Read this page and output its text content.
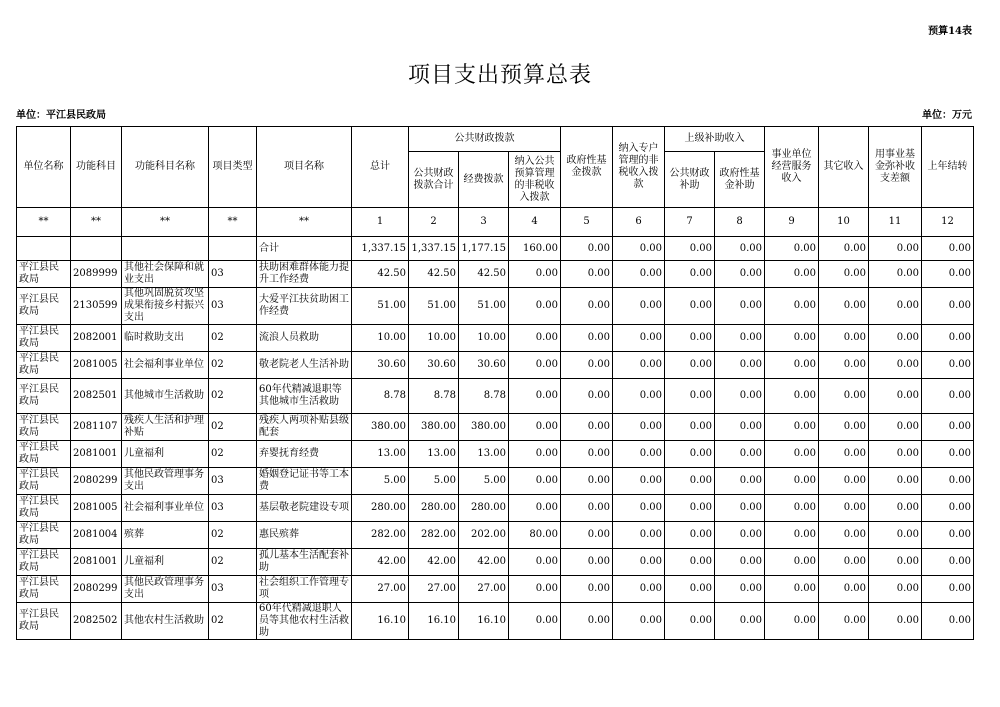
预算14表
项目支出预算总表
单位：平江县民政局	单位：万元
单位名称	功能科目	功能科目名称	项目类型	项目名称	总计	公共财政拨款			政府性基金拨款	纳入专户管理的非税收入拨款	上级补助收入		事业单位经营服务收入	其它收入	用事业基金弥补收支差额	上年结转
						公共财政拨款合计	经费拨款	纳入公共预算管理的非税收入拨款			公共财政补助	政府性基金补助				
**	**	**	**	**	1	2	3	4	5	6	7	8	9	10	11	12
				合计	1,337.15	1,337.15	1,177.15	160.00	0.00	0.00	0.00	0.00	0.00	0.00	0.00	0.00
平江县民政局	2089999	其他社会保障和就业支出	03	扶助困难群体能力提升工作经费	42.50	42.50	42.50	0.00	0.00	0.00	0.00	0.00	0.00	0.00	0.00	0.00
平江县民政局	2130599	其他巩固脱贫攻坚成果衔接乡村振兴支出	03	大爱平江扶贫助困工作经费	51.00	51.00	51.00	0.00	0.00	0.00	0.00	0.00	0.00	0.00	0.00	0.00
平江县民政局	2082001	临时救助支出	02	流浪人员救助	10.00	10.00	10.00	0.00	0.00	0.00	0.00	0.00	0.00	0.00	0.00	0.00
平江县民政局	2081005	社会福利事业单位	02	敬老院老人生活补助	30.60	30.60	30.60	0.00	0.00	0.00	0.00	0.00	0.00	0.00	0.00	0.00
平江县民政局	2082501	其他城市生活救助	02	60年代精减退职等其他城市生活救助	8.78	8.78	8.78	0.00	0.00	0.00	0.00	0.00	0.00	0.00	0.00	0.00
平江县民政局	2081107	残疾人生活和护理补贴	02	残疾人两项补贴县级配套	380.00	380.00	380.00	0.00	0.00	0.00	0.00	0.00	0.00	0.00	0.00	0.00
平江县民政局	2081001	儿童福利	02	弃婴抚育经费	13.00	13.00	13.00	0.00	0.00	0.00	0.00	0.00	0.00	0.00	0.00	0.00
平江县民政局	2080299	其他民政管理事务支出	03	婚姻登记证书等工本费	5.00	5.00	5.00	0.00	0.00	0.00	0.00	0.00	0.00	0.00	0.00	0.00
平江县民政局	2081005	社会福利事业单位	03	基层敬老院建设专项	280.00	280.00	280.00	0.00	0.00	0.00	0.00	0.00	0.00	0.00	0.00	0.00
平江县民政局	2081004	殡葬	02	惠民殡葬	282.00	282.00	202.00	80.00	0.00	0.00	0.00	0.00	0.00	0.00	0.00	0.00
平江县民政局	2081001	儿童福利	02	孤儿基本生活配套补助	42.00	42.00	42.00	0.00	0.00	0.00	0.00	0.00	0.00	0.00	0.00	0.00
平江县民政局	2080299	其他民政管理事务支出	03	社会组织工作管理专项	27.00	27.00	27.00	0.00	0.00	0.00	0.00	0.00	0.00	0.00	0.00	0.00
平江县民政局	2082502	其他农村生活救助	02	60年代精减退职人员等其他农村生活救助	16.10	16.10	16.10	0.00	0.00	0.00	0.00	0.00	0.00	0.00	0.00	0.00
